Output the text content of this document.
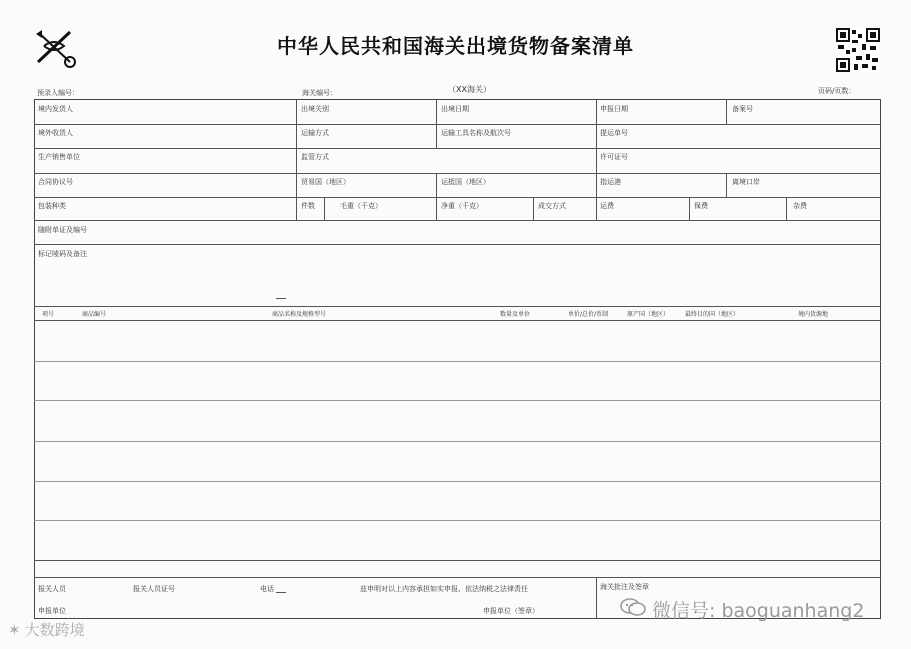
中华人民共和国海关出境货物备案清单
预录入编号：	海关编号：	（XX海关）	页码/页数：
境内发货人	出境关别	出境日期	申报日期	备案号
境外收货人	运输方式	运输工具名称及航次号	提运单号
生产销售单位	监管方式	许可证号
合同协议号	贸易国（地区）	运抵国（地区）	指运港	离境口岸
包装种类	件数	毛重（千克）	净重（千克）	成交方式	运费	保费	杂费
随附单证及编号
标记唛码及备注
项号	商品编号	商品名称及规格型号	数量及单位	单价/总价/币制	原产国（地区）	最终目的国（地区）	境内货源地
报关人员	报关人员证号	电话	兹申明对以上内容承担如实申报、依法纳税之法律责任	海关批注及签章
申报单位	申报单位（签章）	微信号: baoguanhang2
✶ 大数跨境
